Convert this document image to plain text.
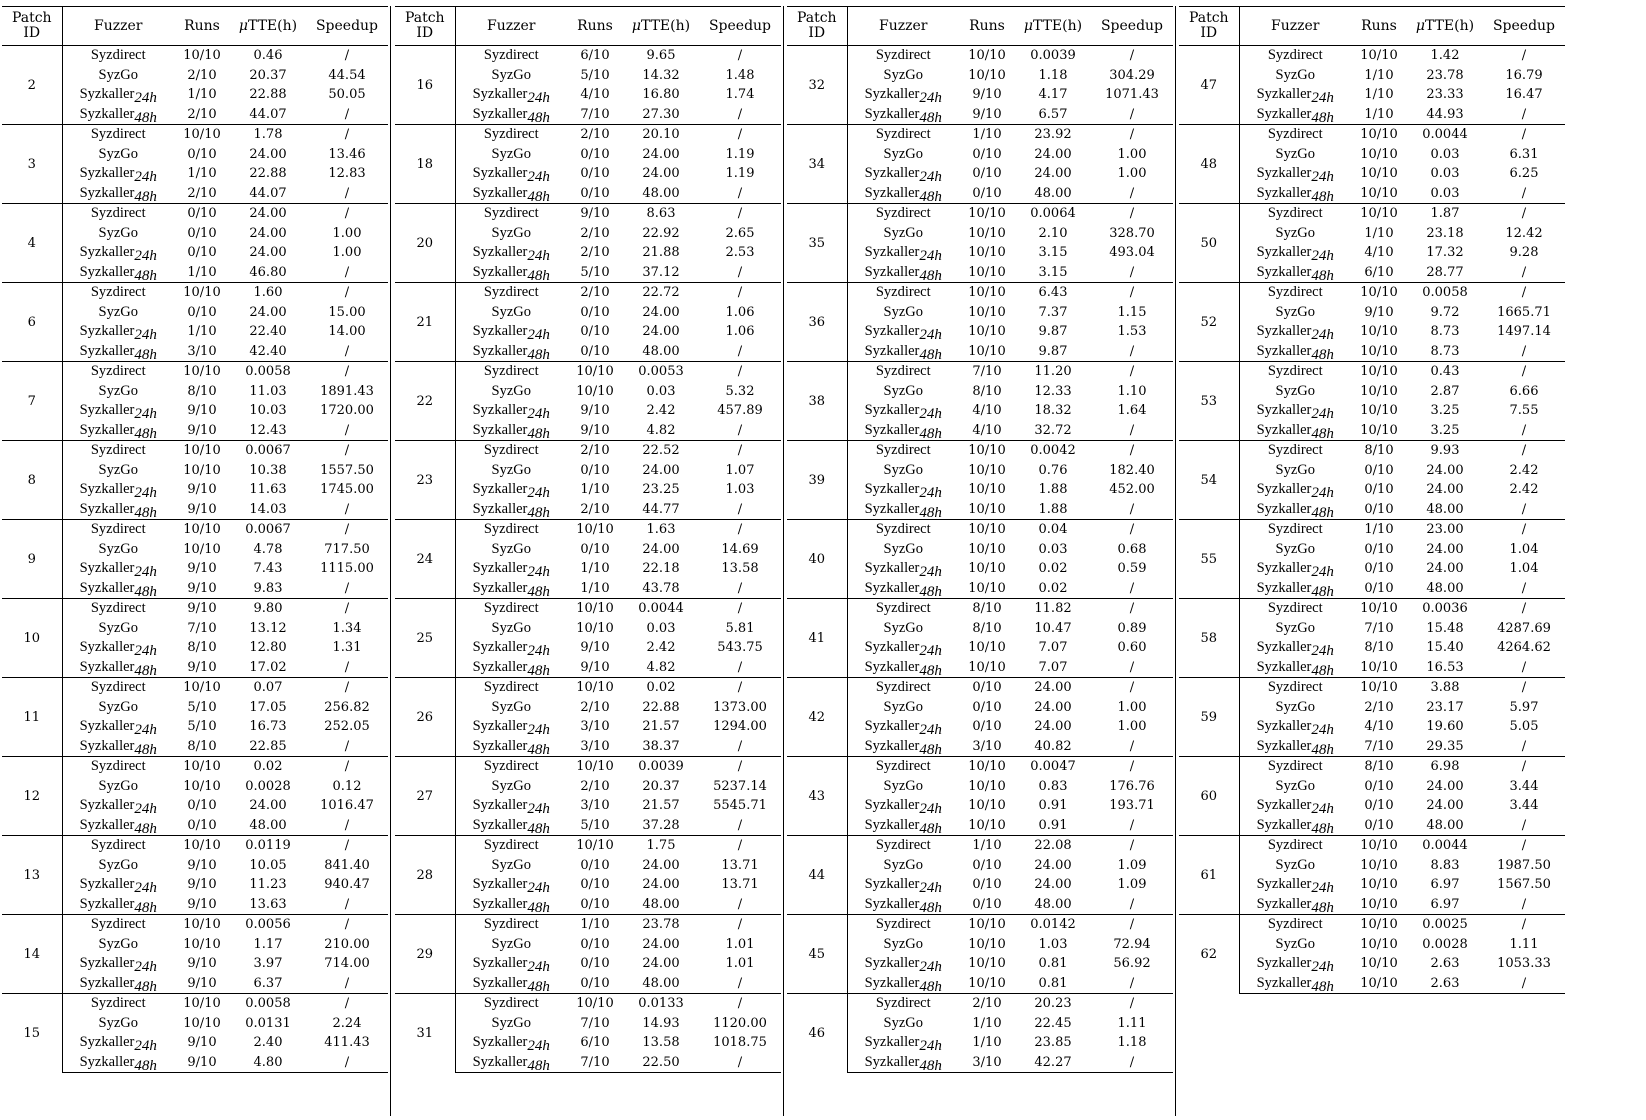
Patch ID	Fuzzer	Runs	μTTE(h)	Speedup
2	Syzdirect	10/10	0.46	/
	SyzGo	2/10	20.37	44.54
	Syzkaller24h	1/10	22.88	50.05
	Syzkaller48h	2/10	44.07	/
3	Syzdirect	10/10	1.78	/
	SyzGo	0/10	24.00	13.46
	Syzkaller24h	1/10	22.88	12.83
	Syzkaller48h	2/10	44.07	/
4	Syzdirect	0/10	24.00	/
	SyzGo	0/10	24.00	1.00
	Syzkaller24h	0/10	24.00	1.00
	Syzkaller48h	1/10	46.80	/
6	Syzdirect	10/10	1.60	/
	SyzGo	0/10	24.00	15.00
	Syzkaller24h	1/10	22.40	14.00
	Syzkaller48h	3/10	42.40	/
7	Syzdirect	10/10	0.0058	/
	SyzGo	8/10	11.03	1891.43
	Syzkaller24h	9/10	10.03	1720.00
	Syzkaller48h	9/10	12.43	/
8	Syzdirect	10/10	0.0067	/
	SyzGo	10/10	10.38	1557.50
	Syzkaller24h	9/10	11.63	1745.00
	Syzkaller48h	9/10	14.03	/
9	Syzdirect	10/10	0.0067	/
	SyzGo	10/10	4.78	717.50
	Syzkaller24h	9/10	7.43	1115.00
	Syzkaller48h	9/10	9.83	/
10	Syzdirect	9/10	9.80	/
	SyzGo	7/10	13.12	1.34
	Syzkaller24h	8/10	12.80	1.31
	Syzkaller48h	9/10	17.02	/
11	Syzdirect	10/10	0.07	/
	SyzGo	5/10	17.05	256.82
	Syzkaller24h	5/10	16.73	252.05
	Syzkaller48h	8/10	22.85	/
12	Syzdirect	10/10	0.02	/
	SyzGo	10/10	0.0028	0.12
	Syzkaller24h	0/10	24.00	1016.47
	Syzkaller48h	0/10	48.00	/
13	Syzdirect	10/10	0.0119	/
	SyzGo	9/10	10.05	841.40
	Syzkaller24h	9/10	11.23	940.47
	Syzkaller48h	9/10	13.63	/
14	Syzdirect	10/10	0.0056	/
	SyzGo	10/10	1.17	210.00
	Syzkaller24h	9/10	3.97	714.00
	Syzkaller48h	9/10	6.37	/
15	Syzdirect	10/10	0.0058	/
	SyzGo	10/10	0.0131	2.24
	Syzkaller24h	9/10	2.40	411.43
	Syzkaller48h	9/10	4.80	/
Patch ID	Fuzzer	Runs	μTTE(h)	Speedup
16	Syzdirect	6/10	9.65	/
	SyzGo	5/10	14.32	1.48
	Syzkaller24h	4/10	16.80	1.74
	Syzkaller48h	7/10	27.30	/
18	Syzdirect	2/10	20.10	/
	SyzGo	0/10	24.00	1.19
	Syzkaller24h	0/10	24.00	1.19
	Syzkaller48h	0/10	48.00	/
20	Syzdirect	9/10	8.63	/
	SyzGo	2/10	22.92	2.65
	Syzkaller24h	2/10	21.88	2.53
	Syzkaller48h	5/10	37.12	/
21	Syzdirect	2/10	22.72	/
	SyzGo	0/10	24.00	1.06
	Syzkaller24h	0/10	24.00	1.06
	Syzkaller48h	0/10	48.00	/
22	Syzdirect	10/10	0.0053	/
	SyzGo	10/10	0.03	5.32
	Syzkaller24h	9/10	2.42	457.89
	Syzkaller48h	9/10	4.82	/
23	Syzdirect	2/10	22.52	/
	SyzGo	0/10	24.00	1.07
	Syzkaller24h	1/10	23.25	1.03
	Syzkaller48h	2/10	44.77	/
24	Syzdirect	10/10	1.63	/
	SyzGo	0/10	24.00	14.69
	Syzkaller24h	1/10	22.18	13.58
	Syzkaller48h	1/10	43.78	/
25	Syzdirect	10/10	0.0044	/
	SyzGo	10/10	0.03	5.81
	Syzkaller24h	9/10	2.42	543.75
	Syzkaller48h	9/10	4.82	/
26	Syzdirect	10/10	0.02	/
	SyzGo	2/10	22.88	1373.00
	Syzkaller24h	3/10	21.57	1294.00
	Syzkaller48h	3/10	38.37	/
27	Syzdirect	10/10	0.0039	/
	SyzGo	2/10	20.37	5237.14
	Syzkaller24h	3/10	21.57	5545.71
	Syzkaller48h	5/10	37.28	/
28	Syzdirect	10/10	1.75	/
	SyzGo	0/10	24.00	13.71
	Syzkaller24h	0/10	24.00	13.71
	Syzkaller48h	0/10	48.00	/
29	Syzdirect	1/10	23.78	/
	SyzGo	0/10	24.00	1.01
	Syzkaller24h	0/10	24.00	1.01
	Syzkaller48h	0/10	48.00	/
31	Syzdirect	10/10	0.0133	/
	SyzGo	7/10	14.93	1120.00
	Syzkaller24h	6/10	13.58	1018.75
	Syzkaller48h	7/10	22.50	/
Patch ID	Fuzzer	Runs	μTTE(h)	Speedup
32	Syzdirect	10/10	0.0039	/
	SyzGo	10/10	1.18	304.29
	Syzkaller24h	9/10	4.17	1071.43
	Syzkaller48h	9/10	6.57	/
34	Syzdirect	1/10	23.92	/
	SyzGo	0/10	24.00	1.00
	Syzkaller24h	0/10	24.00	1.00
	Syzkaller48h	0/10	48.00	/
35	Syzdirect	10/10	0.0064	/
	SyzGo	10/10	2.10	328.70
	Syzkaller24h	10/10	3.15	493.04
	Syzkaller48h	10/10	3.15	/
36	Syzdirect	10/10	6.43	/
	SyzGo	10/10	7.37	1.15
	Syzkaller24h	10/10	9.87	1.53
	Syzkaller48h	10/10	9.87	/
38	Syzdirect	7/10	11.20	/
	SyzGo	8/10	12.33	1.10
	Syzkaller24h	4/10	18.32	1.64
	Syzkaller48h	4/10	32.72	/
39	Syzdirect	10/10	0.0042	/
	SyzGo	10/10	0.76	182.40
	Syzkaller24h	10/10	1.88	452.00
	Syzkaller48h	10/10	1.88	/
40	Syzdirect	10/10	0.04	/
	SyzGo	10/10	0.03	0.68
	Syzkaller24h	10/10	0.02	0.59
	Syzkaller48h	10/10	0.02	/
41	Syzdirect	8/10	11.82	/
	SyzGo	8/10	10.47	0.89
	Syzkaller24h	10/10	7.07	0.60
	Syzkaller48h	10/10	7.07	/
42	Syzdirect	0/10	24.00	/
	SyzGo	0/10	24.00	1.00
	Syzkaller24h	0/10	24.00	1.00
	Syzkaller48h	3/10	40.82	/
43	Syzdirect	10/10	0.0047	/
	SyzGo	10/10	0.83	176.76
	Syzkaller24h	10/10	0.91	193.71
	Syzkaller48h	10/10	0.91	/
44	Syzdirect	1/10	22.08	/
	SyzGo	0/10	24.00	1.09
	Syzkaller24h	0/10	24.00	1.09
	Syzkaller48h	0/10	48.00	/
45	Syzdirect	10/10	0.0142	/
	SyzGo	10/10	1.03	72.94
	Syzkaller24h	10/10	0.81	56.92
	Syzkaller48h	10/10	0.81	/
46	Syzdirect	2/10	20.23	/
	SyzGo	1/10	22.45	1.11
	Syzkaller24h	1/10	23.85	1.18
	Syzkaller48h	3/10	42.27	/
Patch ID	Fuzzer	Runs	μTTE(h)	Speedup
47	Syzdirect	10/10	1.42	/
	SyzGo	1/10	23.78	16.79
	Syzkaller24h	1/10	23.33	16.47
	Syzkaller48h	1/10	44.93	/
48	Syzdirect	10/10	0.0044	/
	SyzGo	10/10	0.03	6.31
	Syzkaller24h	10/10	0.03	6.25
	Syzkaller48h	10/10	0.03	/
50	Syzdirect	10/10	1.87	/
	SyzGo	1/10	23.18	12.42
	Syzkaller24h	4/10	17.32	9.28
	Syzkaller48h	6/10	28.77	/
52	Syzdirect	10/10	0.0058	/
	SyzGo	9/10	9.72	1665.71
	Syzkaller24h	10/10	8.73	1497.14
	Syzkaller48h	10/10	8.73	/
53	Syzdirect	10/10	0.43	/
	SyzGo	10/10	2.87	6.66
	Syzkaller24h	10/10	3.25	7.55
	Syzkaller48h	10/10	3.25	/
54	Syzdirect	8/10	9.93	/
	SyzGo	0/10	24.00	2.42
	Syzkaller24h	0/10	24.00	2.42
	Syzkaller48h	0/10	48.00	/
55	Syzdirect	1/10	23.00	/
	SyzGo	0/10	24.00	1.04
	Syzkaller24h	0/10	24.00	1.04
	Syzkaller48h	0/10	48.00	/
58	Syzdirect	10/10	0.0036	/
	SyzGo	7/10	15.48	4287.69
	Syzkaller24h	8/10	15.40	4264.62
	Syzkaller48h	10/10	16.53	/
59	Syzdirect	10/10	3.88	/
	SyzGo	2/10	23.17	5.97
	Syzkaller24h	4/10	19.60	5.05
	Syzkaller48h	7/10	29.35	/
60	Syzdirect	8/10	6.98	/
	SyzGo	0/10	24.00	3.44
	Syzkaller24h	0/10	24.00	3.44
	Syzkaller48h	0/10	48.00	/
61	Syzdirect	10/10	0.0044	/
	SyzGo	10/10	8.83	1987.50
	Syzkaller24h	10/10	6.97	1567.50
	Syzkaller48h	10/10	6.97	/
62	Syzdirect	10/10	0.0025	/
	SyzGo	10/10	0.0028	1.11
	Syzkaller24h	10/10	2.63	1053.33
	Syzkaller48h	10/10	2.63	/
